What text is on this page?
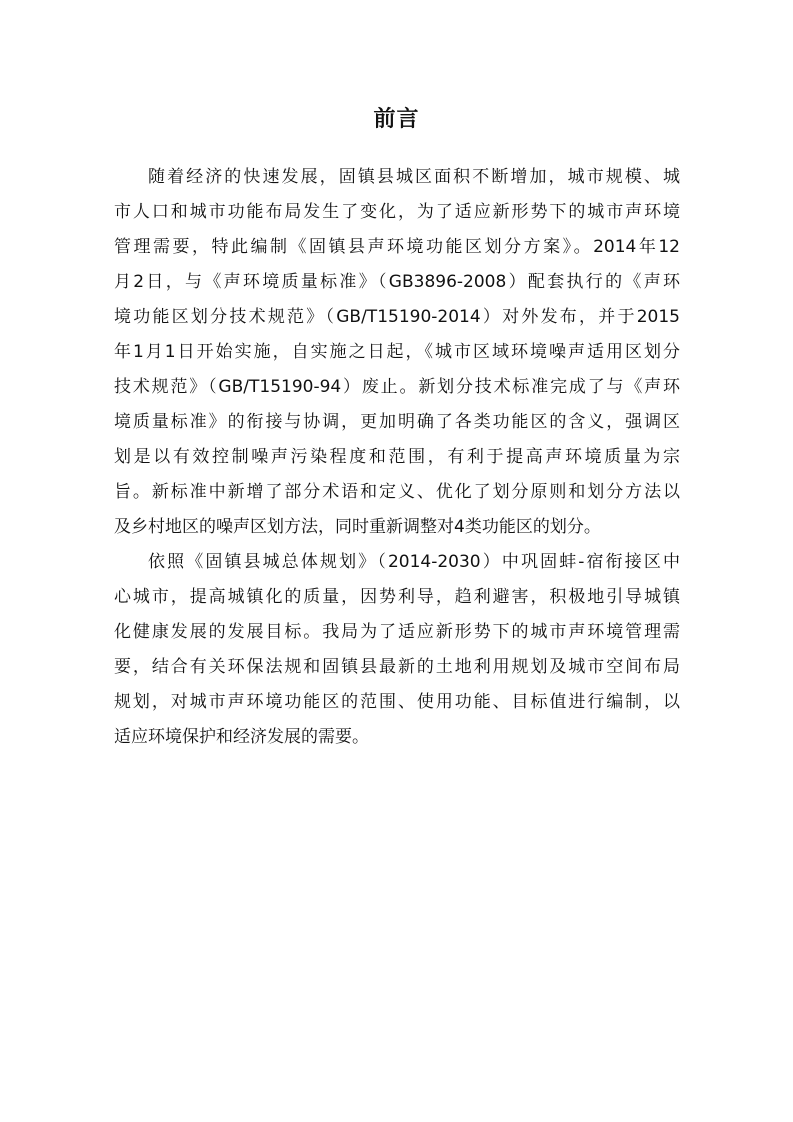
前言
随着经济的快速发展，固镇县城区面积不断增加，城市规模、城
市人口和城市功能布局发生了变化，为了适应新形势下的城市声环境
管理需要，特此编制《固镇县声环境功能区划分方案》。2014年12
月2日，与《声环境质量标准》（GB3896-2008）配套执行的《声环
境功能区划分技术规范》（GB/T15190-2014）对外发布，并于2015
年1月1日开始实施，自实施之日起，《城市区域环境噪声适用区划分
技术规范》（GB/T15190-94）废止。新划分技术标准完成了与《声环
境质量标准》的衔接与协调，更加明确了各类功能区的含义，强调区
划是以有效控制噪声污染程度和范围，有利于提高声环境质量为宗
旨。新标准中新增了部分术语和定义、优化了划分原则和划分方法以
及乡村地区的噪声区划方法，同时重新调整对4类功能区的划分。
依照《固镇县城总体规划》（2014-2030）中巩固蚌-宿衔接区中
心城市，提高城镇化的质量，因势利导，趋利避害，积极地引导城镇
化健康发展的发展目标。我局为了适应新形势下的城市声环境管理需
要，结合有关环保法规和固镇县最新的土地利用规划及城市空间布局
规划，对城市声环境功能区的范围、使用功能、目标值进行编制，以
适应环境保护和经济发展的需要。
